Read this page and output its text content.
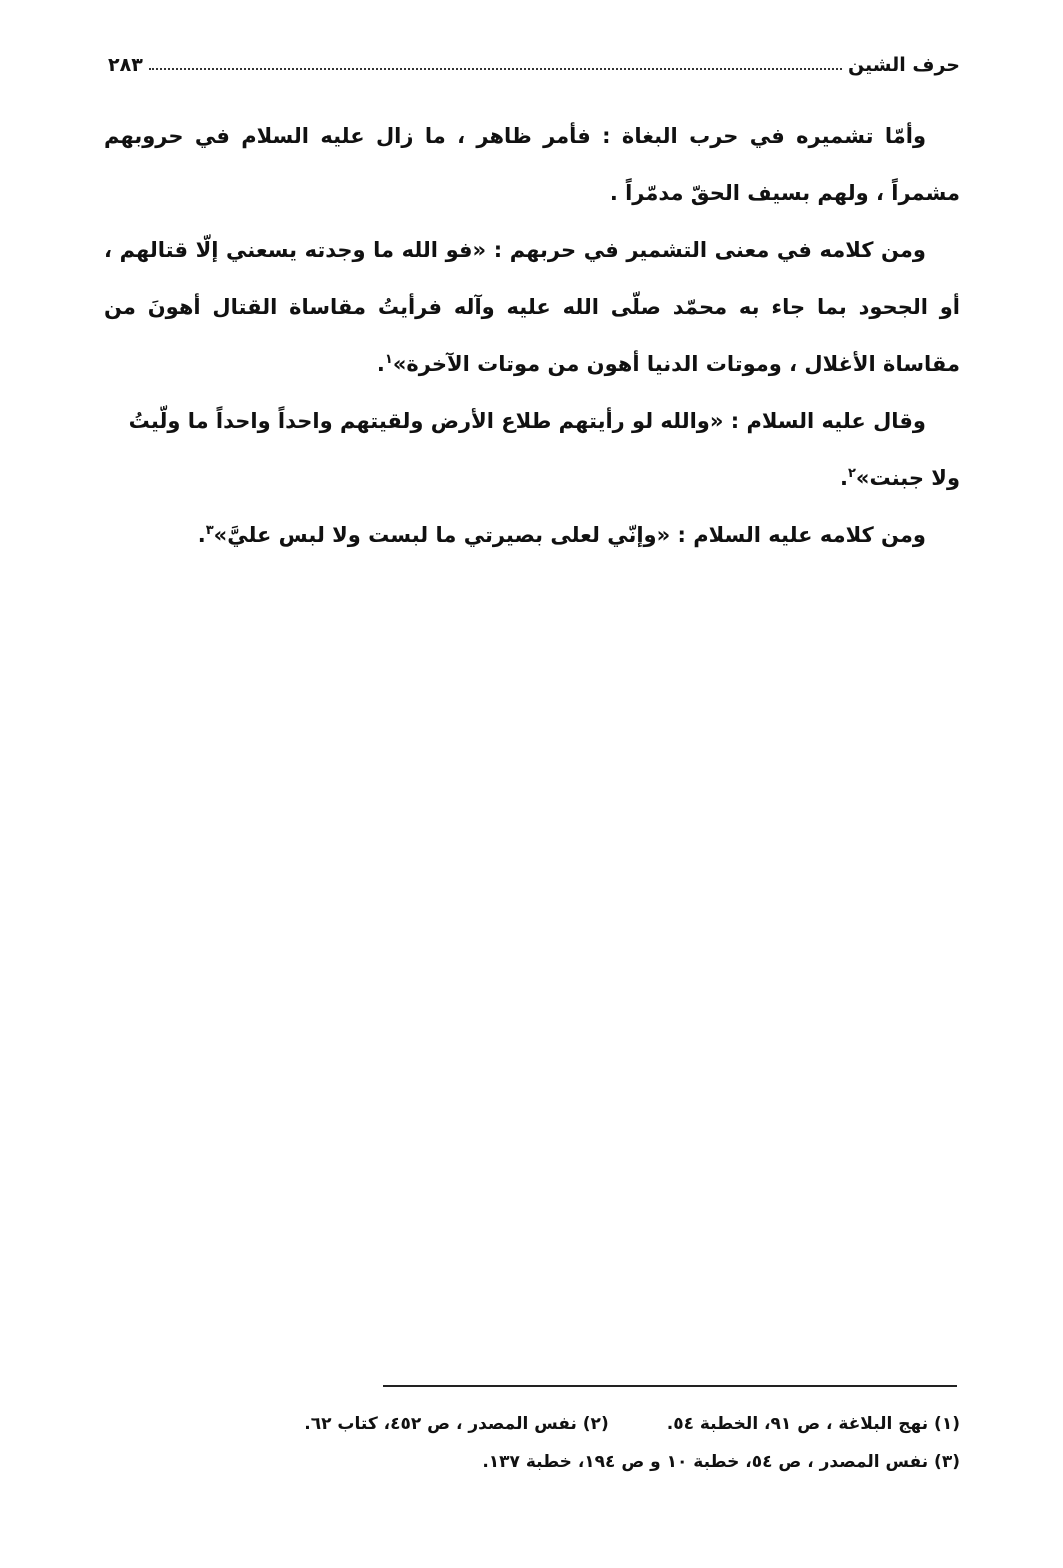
حرف الشين
٢٨٣

وأمّا تشميره في حرب البغاة : فأمر ظاهر ، ما زال عليه السلام في حروبهم مشمراً ، ولهم بسيف الحقّ مدمّراً .

ومن كلامه في معنى التشمير في حربهم : «فو الله ما وجدته يسعني إلّا قتالهم ، أو الجحود بما جاء به محمّد صلّى الله عليه وآله فرأيتُ مقاساة القتال أهونَ من مقاساة الأغلال ، وموتات الدنيا أهون من موتات الآخرة»$^١$.

وقال عليه السلام : «والله لو رأيتهم طلاع الأرض ولقيتهم واحداً واحداً ما ولّيتُ ولا جبنت»$^٢$.

ومن كلامه عليه السلام : «وإنّي لعلى بصيرتي ما لبست ولا لبس عليَّ»$^٣$.

(١) نهج البلاغة ، ص ٩١، الخطبة ٥٤.
(٢) نفس المصدر ، ص ٤٥٢، كتاب ٦٢.
(٣) نفس المصدر ، ص ٥٤، خطبة ١٠ و ص ١٩٤، خطبة ١٣٧.
